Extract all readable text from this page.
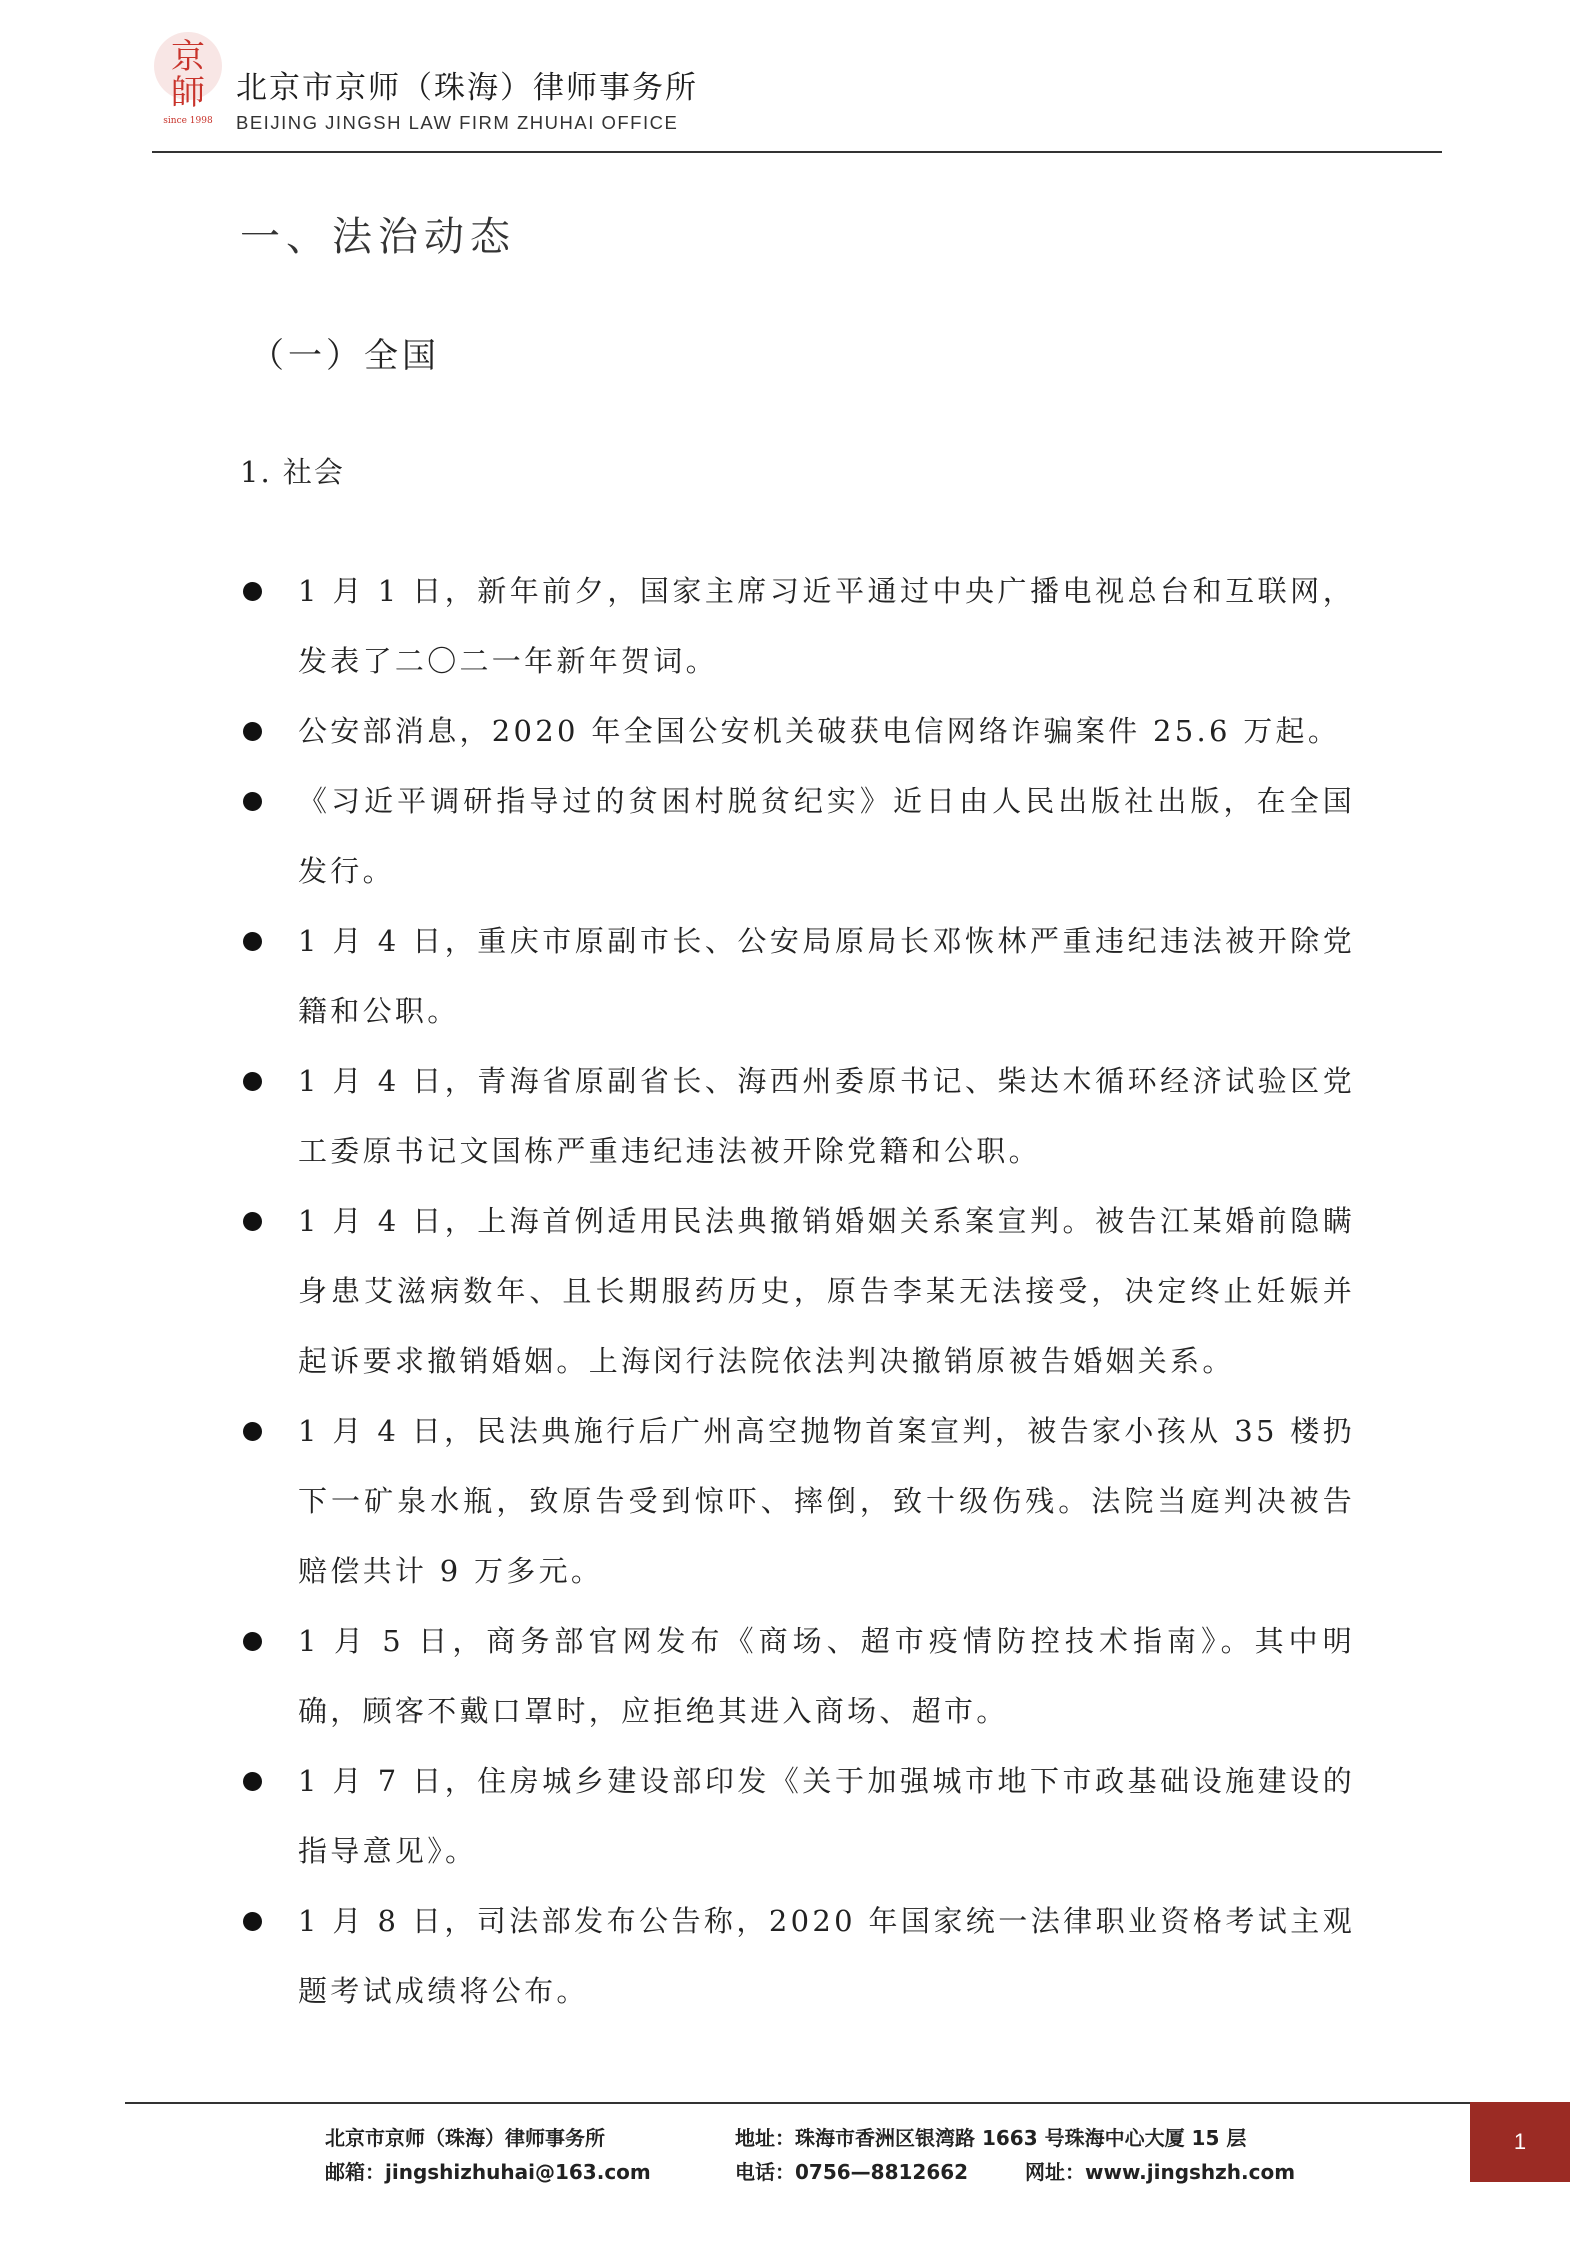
京
師
since 1998
北京市京师（珠海）律师事务所
BEIJING JINGSH LAW FIRM ZHUHAI OFFICE
一、法治动态
（一）全国
1. 社会
1 月 1 日，新年前夕，国家主席习近平通过中央广播电视总台和互联网，发表了二〇二一年新年贺词。
公安部消息，2020 年全国公安机关破获电信网络诈骗案件 25.6 万起。
《习近平调研指导过的贫困村脱贫纪实》近日由人民出版社出版，在全国发行。
1 月 4 日，重庆市原副市长、公安局原局长邓恢林严重违纪违法被开除党籍和公职。
1 月 4 日，青海省原副省长、海西州委原书记、柴达木循环经济试验区党工委原书记文国栋严重违纪违法被开除党籍和公职。
1 月 4 日，上海首例适用民法典撤销婚姻关系案宣判。被告江某婚前隐瞒身患艾滋病数年、且长期服药历史，原告李某无法接受，决定终止妊娠并起诉要求撤销婚姻。上海闵行法院依法判决撤销原被告婚姻关系。
1 月 4 日，民法典施行后广州高空抛物首案宣判，被告家小孩从 35 楼扔下一矿泉水瓶，致原告受到惊吓、摔倒，致十级伤残。法院当庭判决被告赔偿共计 9 万多元。
1 月 5 日，商务部官网发布《商场、超市疫情防控技术指南》。其中明确，顾客不戴口罩时，应拒绝其进入商场、超市。
1 月 7 日，住房城乡建设部印发《关于加强城市地下市政基础设施建设的指导意见》。
1 月 8 日，司法部发布公告称，2020 年国家统一法律职业资格考试主观题考试成绩将公布。
北京市京师（珠海）律师事务所	地址：珠海市香洲区银湾路 1663 号珠海中心大厦 15 层
邮箱：jingshizhuhai@163.com	电话：0756—8812662	网址：www.jingshzh.com
1
